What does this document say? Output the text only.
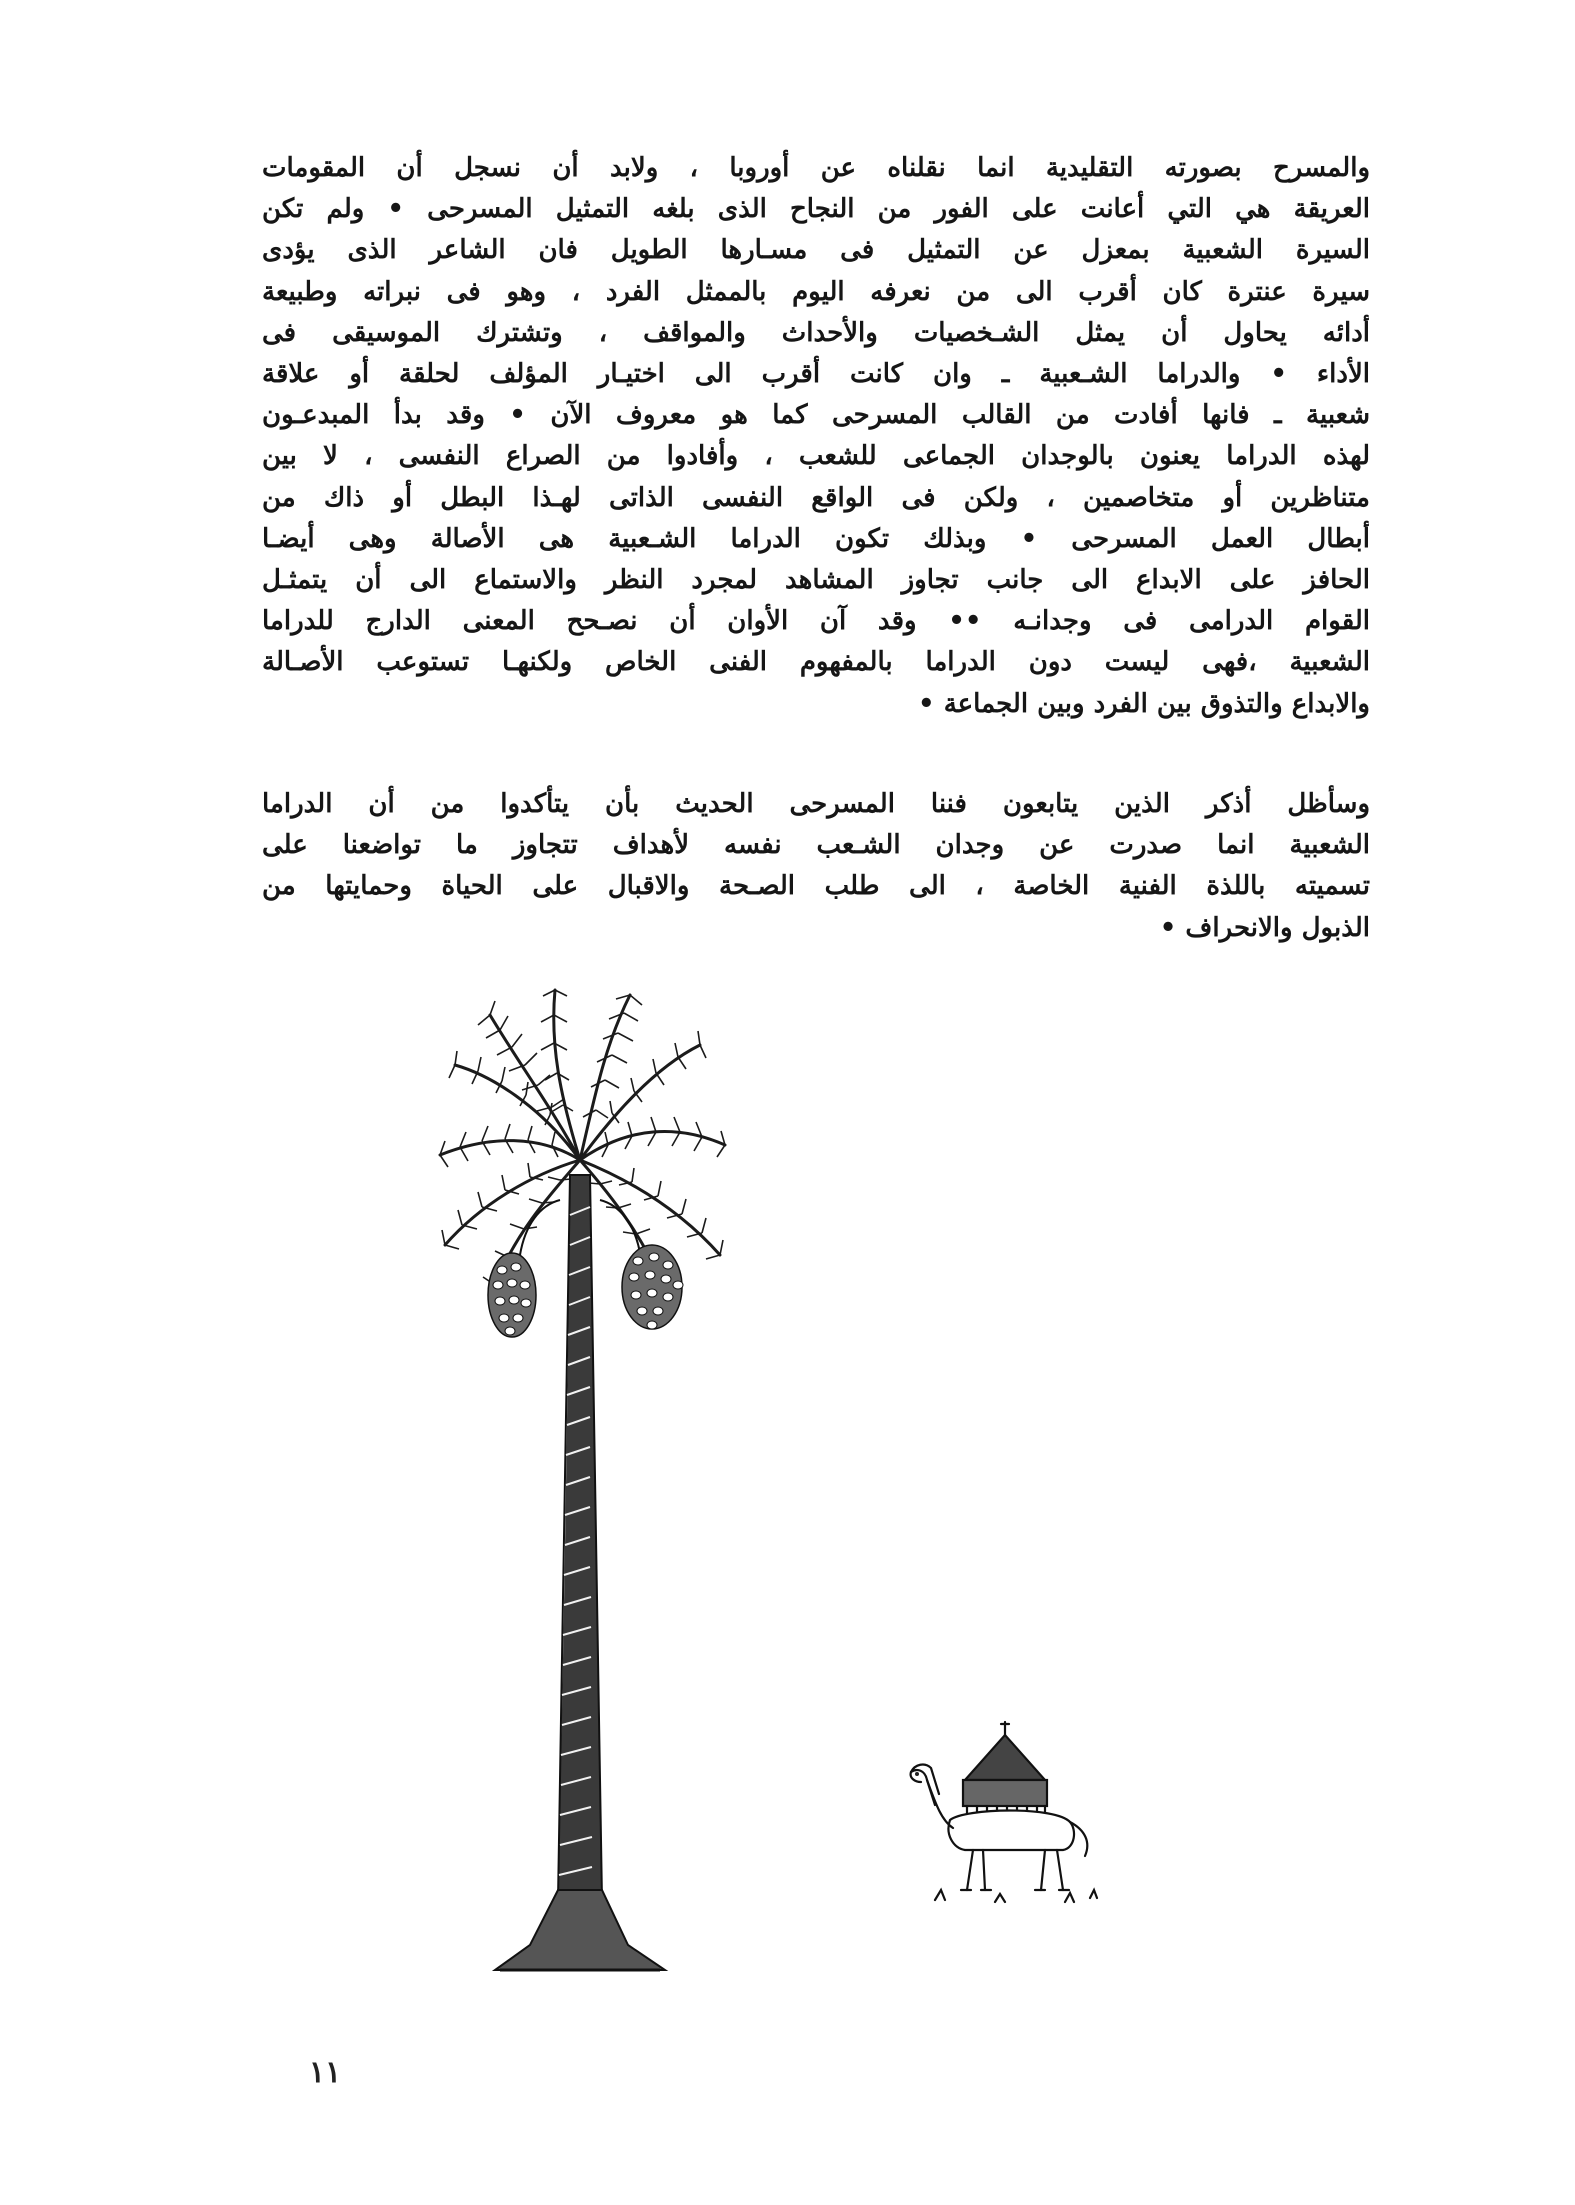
والمسرح بصورته التقليدية انما نقلناه عن أوروبا ، ولابد أن نسجل أن المقومات
العريقة هي التي أعانت على الفور من النجاح الذى بلغه التمثيل المسرحى • ولم تكن
السيرة الشعبية بمعزل عن التمثيل فى مسـارها الطويل فان الشاعر الذى يؤدى
سيرة عنترة كان أقرب الى من نعرفه اليوم بالممثل الفرد ، وهو فى نبراته وطبيعة
أدائه يحاول أن يمثل الشـخصيات والأحداث والمواقف ، وتشترك الموسيقى فى
الأداء • والدراما الشـعبية ـ وان كانت أقرب الى اختيـار المؤلف لحلقة أو علاقة
شعبية ـ فانها أفادت من القالب المسرحى كما هو معروف الآن • وقد بدأ المبدعـون
لهذه الدراما يعنون بالوجدان الجماعى للشعب ، وأفادوا من الصراع النفسى ، لا بين
متناظرين أو متخاصمين ، ولكن فى الواقع النفسى الذاتى لهـذا البطل أو ذاك من
أبطال العمل المسرحى • وبذلك تكون الدراما الشـعبية هى الأصالة وهى أيضـا
الحافز على الابداع الى جانب تجاوز المشاهد لمجرد النظر والاستماع الى أن يتمثـل
القوام الدرامى فى وجدانـه •• وقد آن الأوان أن نصـحح المعنى الدارج للدراما
الشعبية ،فهى ليست دون الدراما بالمفهوم الفنى الخاص ولكنهـا تستوعب الأصـالة
والابداع والتذوق بين الفرد وبين الجماعة •
وسأظل أذكر الذين يتابعون فننا المسرحى الحديث بأن يتأكدوا من أن الدراما
الشعبية انما صدرت عن وجدان الشـعب نفسه لأهداف تتجاوز ما تواضعنا على
تسميته باللذة الفنية الخاصة ، الى طلب الصـحة والاقبال على الحياة وحمايتها من
الذبول والانحراف •
١١
